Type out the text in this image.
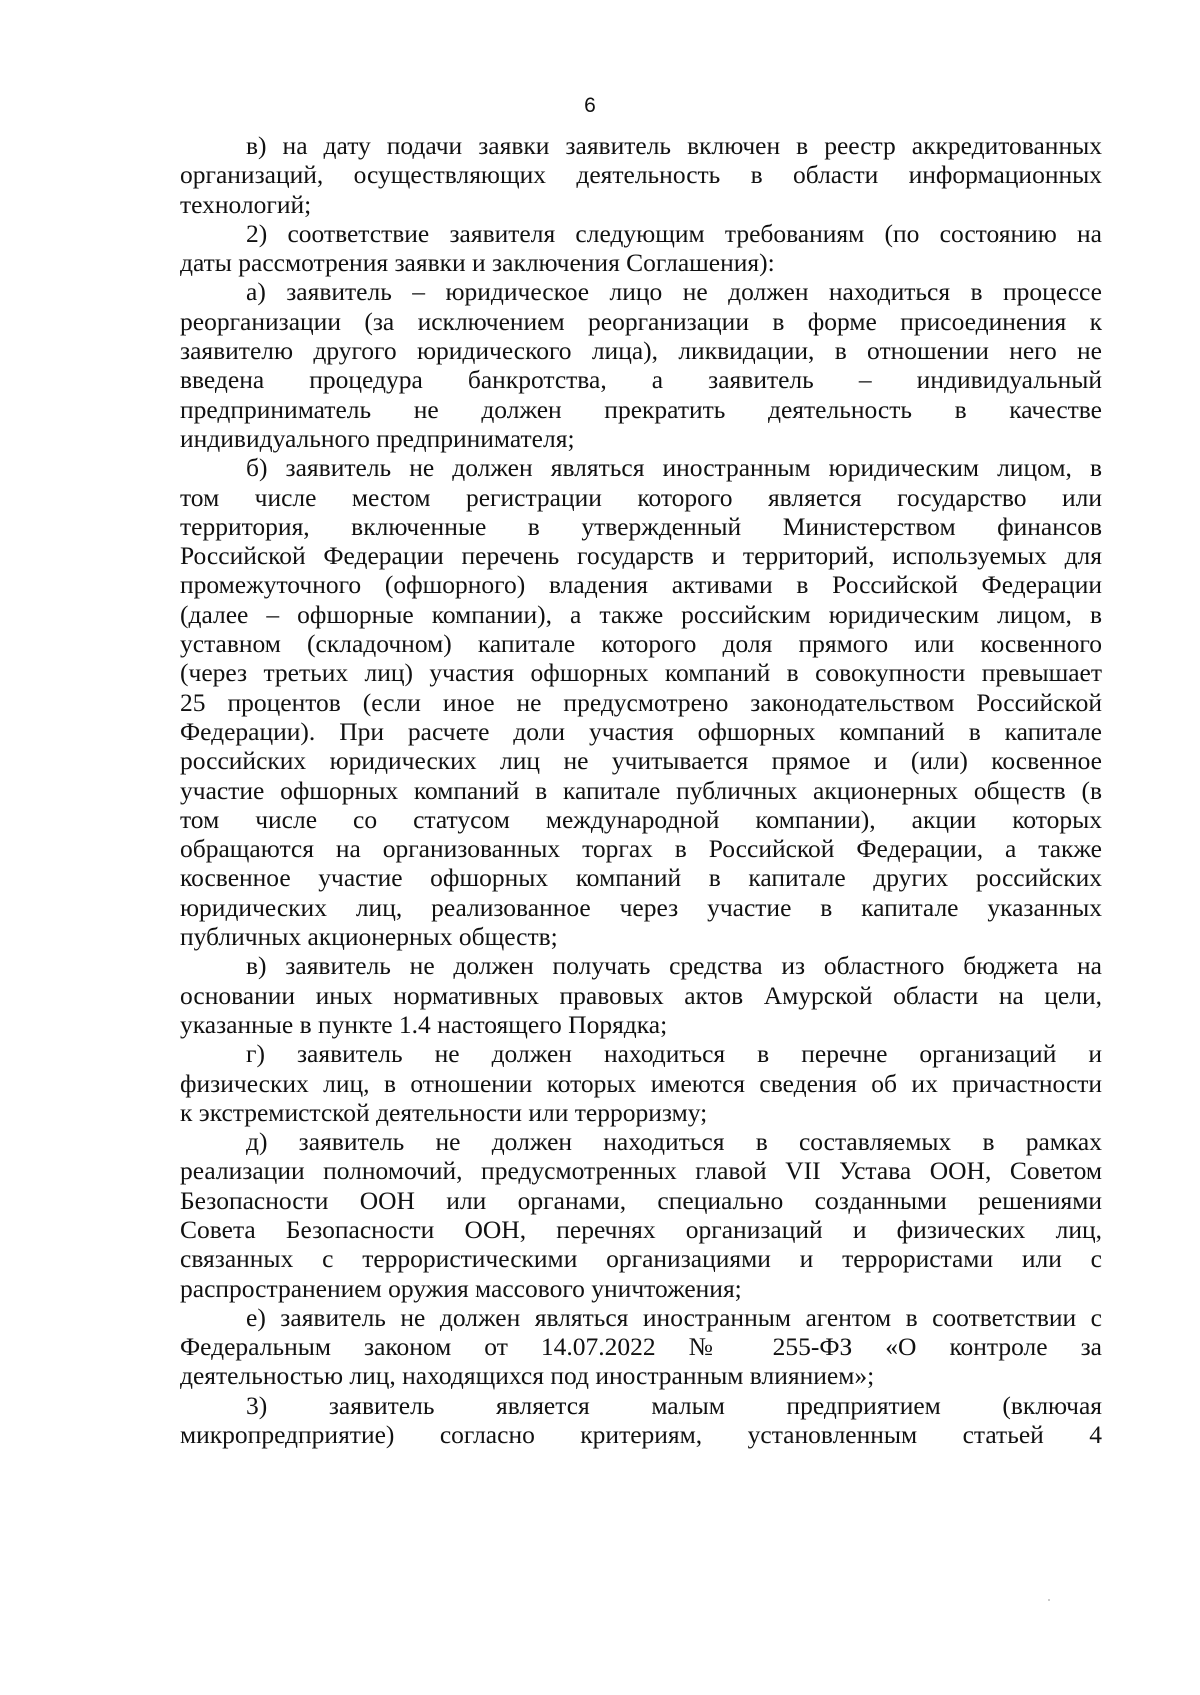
6
в) на дату подачи заявки заявитель включен в реестр аккредитованных
организаций, осуществляющих деятельность в области информационных
технологий;
2) соответствие заявителя следующим требованиям (по состоянию на
даты рассмотрения заявки и заключения Соглашения):
а) заявитель – юридическое лицо не должен находиться в процессе
реорганизации (за исключением реорганизации в форме присоединения к
заявителю другого юридического лица), ликвидации, в отношении него не
введена процедура банкротства, а заявитель – индивидуальный
предприниматель не должен прекратить деятельность в качестве
индивидуального предпринимателя;
б) заявитель не должен являться иностранным юридическим лицом, в
том числе местом регистрации которого является государство или
территория, включенные в утвержденный Министерством финансов
Российской Федерации перечень государств и территорий, используемых для
промежуточного (офшорного) владения активами в Российской Федерации
(далее – офшорные компании), а также российским юридическим лицом, в
уставном (складочном) капитале которого доля прямого или косвенного
(через третьих лиц) участия офшорных компаний в совокупности превышает
25 процентов (если иное не предусмотрено законодательством Российской
Федерации). При расчете доли участия офшорных компаний в капитале
российских юридических лиц не учитывается прямое и (или) косвенное
участие офшорных компаний в капитале публичных акционерных обществ (в
том числе со статусом международной компании), акции которых
обращаются на организованных торгах в Российской Федерации, а также
косвенное участие офшорных компаний в капитале других российских
юридических лиц, реализованное через участие в капитале указанных
публичных акционерных обществ;
в) заявитель не должен получать средства из областного бюджета на
основании иных нормативных правовых актов Амурской области на цели,
указанные в пункте 1.4 настоящего Порядка;
г) заявитель не должен находиться в перечне организаций и
физических лиц, в отношении которых имеются сведения об их причастности
к экстремистской деятельности или терроризму;
д) заявитель не должен находиться в составляемых в рамках
реализации полномочий, предусмотренных главой VII Устава ООН, Советом
Безопасности ООН или органами, специально созданными решениями
Совета Безопасности ООН, перечнях организаций и физических лиц,
связанных с террористическими организациями и террористами или с
распространением оружия массового уничтожения;
е) заявитель не должен являться иностранным агентом в соответствии с
Федеральным законом от 14.07.2022 № 255-ФЗ «О контроле за
деятельностью лиц, находящихся под иностранным влиянием»;
3) заявитель является малым предприятием (включая
микропредприятие) согласно критериям, установленным статьей 4
